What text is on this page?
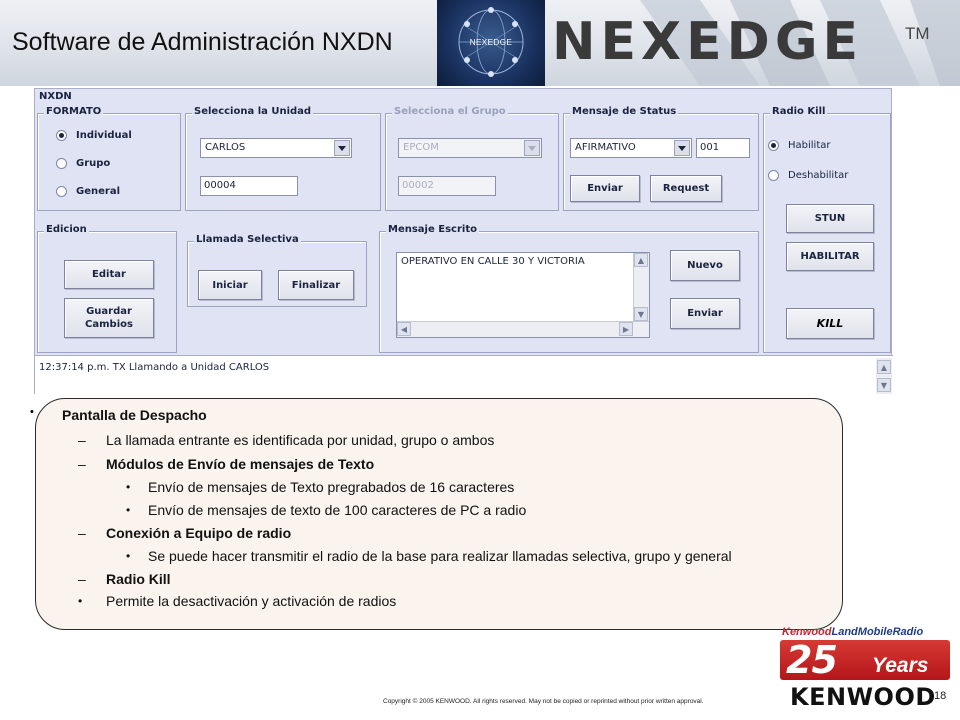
Software de Administración NXDN	NEXEDGE NEXEDGE TM
NXDN
FORMATO
Individual
Grupo
General
Selecciona la Unidad
CARLOS
00004
Selecciona el Grupo
EPCOM
00002
Mensaje de Status
AFIRMATIVO	001
Enviar	Request
Radio Kill
Habilitar
Deshabilitar
STUN
HABILITAR
KILL
Edicion
Editar
Guardar
Cambios
Llamada Selectiva
Iniciar	Finalizar
Mensaje Escrito
OPERATIVO EN CALLE 30 Y VICTORIA	▲
▼
◀	▶
Nuevo
Enviar
12:37:14 p.m. TX Llamando a Unidad CARLOS	▲
▼
• Pantalla de Despacho
– La llamada entrante es identificada por unidad, grupo o ambos
– Módulos de Envío de mensajes de Texto
• Envío de mensajes de Texto pregrabados de 16 caracteres
• Envío de mensajes de texto de 100 caracteres de PC a radio
– Conexión a Equipo de radio
• Se puede hacer transmitir el radio de la base para realizar llamadas selectiva, grupo y general
– Radio Kill
• Permite la desactivación y activación de radios
KenwoodLandMobileRadio
25 Years
KENWOOD
Copyright © 2005 KENWOOD. All rights reserved. May not be copied or reprinted without prior written approval.	18
